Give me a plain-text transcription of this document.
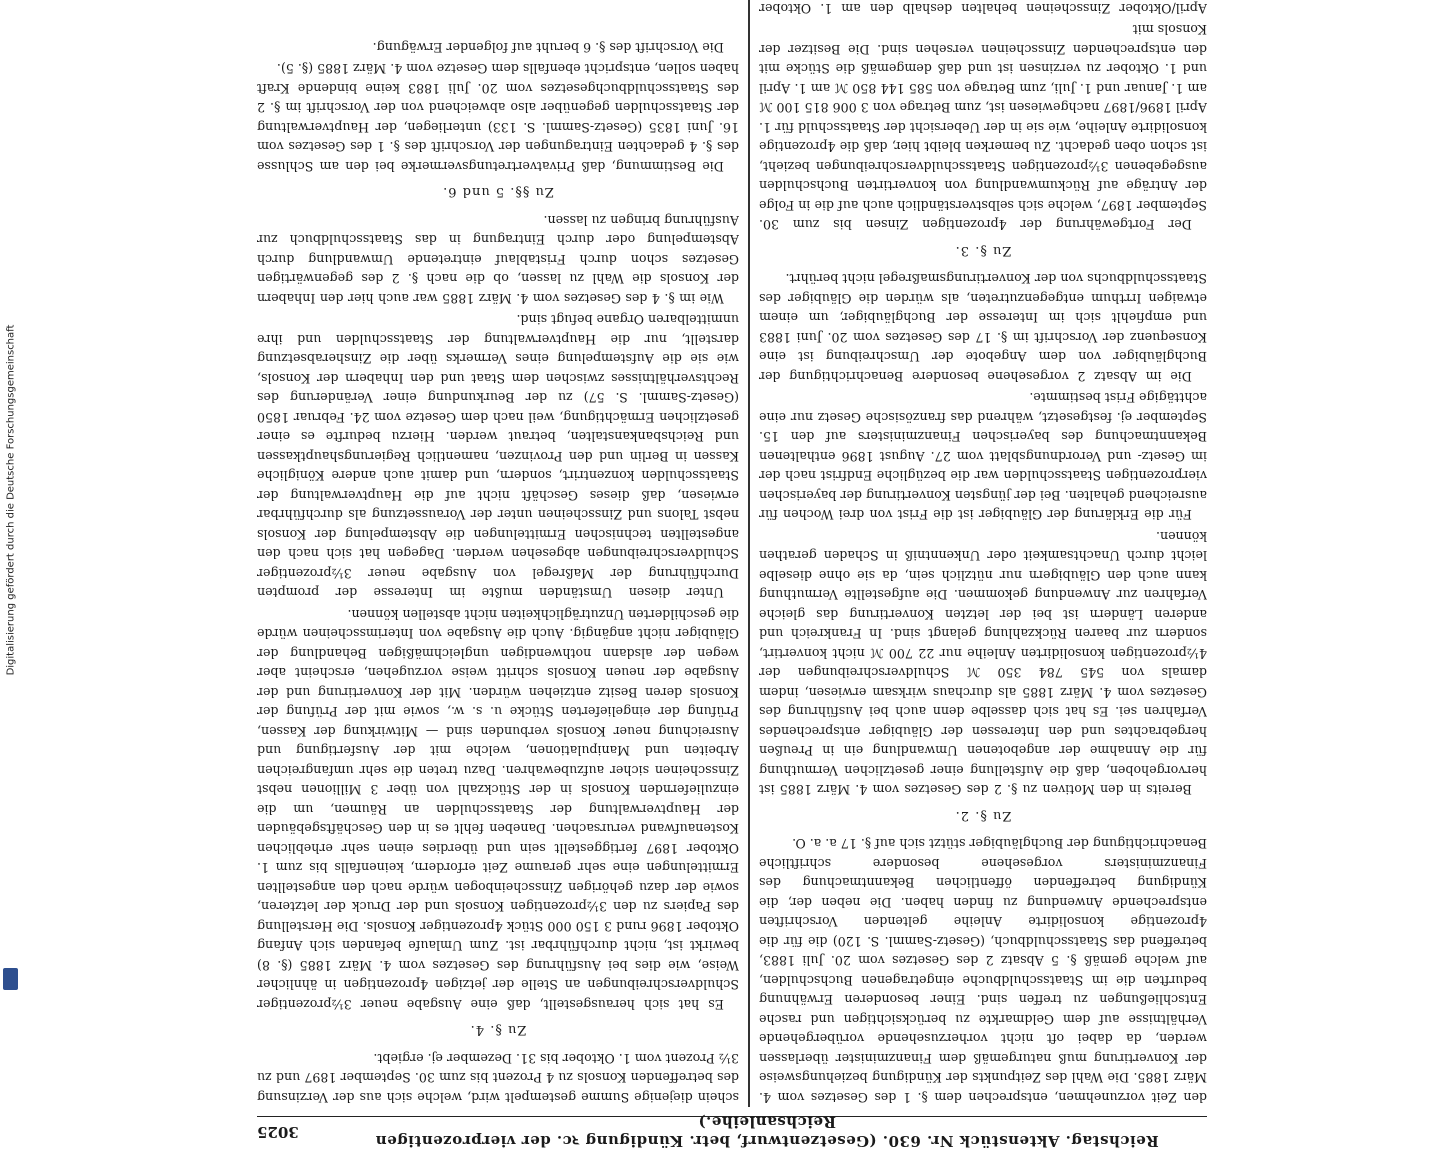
Digitalisierung gefördert durch die Deutsche Forschungsgemeinschaft
Reichstag. Aktenstück Nr. 630. (Gesetzentwurf, betr. Kündigung ꝛc. der vierprozentigen Reichsanleihe.)
3025

den Zeit vorzunehmen, entsprechen dem §. 1 des Gesetzes vom 4. März 1885. Die Wahl des Zeitpunkts der Kündigung beziehungsweise der Konvertirung muß naturgemäß dem Finanzminister überlassen werden, da dabei oft nicht vorherzusehende vorübergehende Verhältnisse auf dem Geldmarkte zu berücksichtigen und rasche Entschließungen zu treffen sind. Einer besonderen Erwähnung bedurften die im Staatsschuldbuche eingetragenen Buchschulden, auf welche gemäß §. 5 Absatz 2 des Gesetzes vom 20. Juli 1883, betreffend das Staatsschuldbuch, (Gesetz-Samml. S. 120) die für die 4prozentige konsolidirte Anleihe geltenden Vorschriften entsprechende Anwendung zu finden haben. Die neben der, die Kündigung betreffenden öffentlichen Bekanntmachung des Finanzministers vorgesehene besondere schriftliche Benachrichtigung der Buchgläubiger stützt sich auf §. 17 a. a. O.

Zu §. 2.

Bereits in den Motiven zu §. 2 des Gesetzes vom 4. März 1885 ist hervorgehoben, daß die Aufstellung einer gesetzlichen Vermuthung für die Annahme der angebotenen Umwandlung ein in Preußen hergebrachtes und den Interessen der Gläubiger entsprechendes Verfahren sei. Es hat sich dasselbe denn auch bei Ausführung des Gesetzes vom 4. März 1885 als durchaus wirksam erwiesen, indem damals von 545 784 350 ℳ Schuldverschreibungen der 4½prozentigen konsolidirten Anleihe nur 22 700 ℳ nicht konvertirt, sondern zur baaren Rückzahlung gelangt sind. In Frankreich und anderen Ländern ist bei der letzten Konvertirung das gleiche Verfahren zur Anwendung gekommen. Die aufgestellte Vermuthung kann auch den Gläubigern nur nützlich sein, da sie ohne dieselbe leicht durch Unachtsamkeit oder Unkenntniß in Schaden gerathen können.

Für die Erklärung der Gläubiger ist die Frist von drei Wochen für ausreichend gehalten. Bei der jüngsten Konvertirung der bayerischen vierprozentigen Staatsschulden war die bezügliche Endfrist nach der im Gesetz- und Verordnungsblatt vom 27. August 1896 enthaltenen Bekanntmachung des bayerischen Finanzministers auf den 15. September ej. festgesetzt, während das französische Gesetz nur eine achttägige Frist bestimmte.

Die im Absatz 2 vorgesehene besondere Benachrichtigung der Buchgläubiger von dem Angebote der Umschreibung ist eine Konsequenz der Vorschrift im §. 17 des Gesetzes vom 20. Juni 1883 und empfiehlt sich im Interesse der Buchgläubiger, um einem etwaigen Irrthum entgegenzutreten, als würden die Gläubiger des Staatsschuldbuchs von der Konvertirungsmaßregel nicht berührt.

Zu §. 3.

Der Fortgewährung der 4prozentigen Zinsen bis zum 30. September 1897, welche sich selbstverständlich auch auf die in Folge der Anträge auf Rückumwandlung von konvertirten Buchschulden ausgegebenen 3½prozentigen Staatsschuldverschreibungen bezieht, ist schon oben gedacht. Zu bemerken bleibt hier, daß die 4prozentige konsolidirte Anleihe, wie sie in der Uebersicht der Staatsschuld für 1. April 1896/1897 nachgewiesen ist, zum Betrage von 3 006 815 100 ℳ am 1. Januar und 1. Juli, zum Betrage von 585 144 850 ℳ am 1. April und 1. Oktober zu verzinsen ist und daß demgemäß die Stücke mit den entsprechenden Zinsscheinen versehen sind. Die Besitzer der Konsols mit

April/Oktober Zinsscheinen behalten deshalb den am 1. Oktober

schein diejenige Summe gestempelt wird, welche sich aus der Verzinsung des betreffenden Konsols zu 4 Prozent bis zum 30. September 1897 und zu 3½ Prozent vom 1. Oktober bis 31. Dezember ej. ergiebt.

Zu §. 4.

Es hat sich herausgestellt, daß eine Ausgabe neuer 3½prozentiger Schuldverschreibungen an Stelle der jetzigen 4prozentigen in ähnlicher Weise, wie dies bei Ausführung des Gesetzes vom 4. März 1885 (§. 8) bewirkt ist, nicht durchführbar ist. Zum Umlaufe befanden sich Anfang Oktober 1896 rund 3 150 000 Stück 4prozentiger Konsols. Die Herstellung des Papiers zu den 3½prozentigen Konsols und der Druck der letzteren, sowie der dazu gehörigen Zinsscheinbogen würde nach den angestellten Ermittelungen eine sehr geraume Zeit erfordern, keinenfalls bis zum 1. Oktober 1897 fertiggestellt sein und überdies einen sehr erheblichen Kostenaufwand verursachen. Daneben fehlt es in den Geschäftsgebäuden der Hauptverwaltung der Staatsschulden an Räumen, um die einzuliefernden Konsols in der Stückzahl von über 3 Millionen nebst Zinsscheinen sicher aufzubewahren. Dazu treten die sehr umfangreichen Arbeiten und Manipulationen, welche mit der Ausfertigung und Ausreichung neuer Konsols verbunden sind — Mitwirkung der Kassen, Prüfung der eingelieferten Stücke u. s. w., sowie mit der Prüfung der Konsols deren Besitz entziehen würden. Mit der Konvertirung und der Ausgabe der neuen Konsols schritt weise vorzugehen, erscheint aber wegen der alsdann nothwendigen ungleichmäßigen Behandlung der Gläubiger nicht angängig. Auch die Ausgabe von Interimsscheinen würde die geschilderten Unzuträglichkeiten nicht abstellen können.

Unter diesen Umständen mußte im Interesse der prompten Durchführung der Maßregel von Ausgabe neuer 3½prozentiger Schuldverschreibungen abgesehen werden. Dagegen hat sich nach den angestellten technischen Ermittelungen die Abstempelung der Konsols nebst Talons und Zinsscheinen unter der Voraussetzung als durchführbar erwiesen, daß dieses Geschäft nicht auf die Hauptverwaltung der Staatsschulden konzentrirt, sondern, und damit auch andere Königliche Kassen in Berlin und den Provinzen, namentlich Regierungshauptkassen und Reichsbankanstalten, betraut werden. Hierzu bedurfte es einer gesetzlichen Ermächtigung, weil nach dem Gesetze vom 24. Februar 1850 (Gesetz-Samml. S. 57) zu der Beurkundung einer Veränderung des Rechtsverhältnisses zwischen dem Staat und den Inhabern der Konsols, wie sie die Aufstempelung eines Vermerks über die Zinsherabsetzung darstellt, nur die Hauptverwaltung der Staatsschulden und ihre unmittelbaren Organe befugt sind.

Wie im §. 4 des Gesetzes vom 4. März 1885 war auch hier den Inhabern der Konsols die Wahl zu lassen, ob die nach §. 2 des gegenwärtigen Gesetzes schon durch Fristablauf eintretende Umwandlung durch Abstempelung oder durch Eintragung in das Staatsschuldbuch zur Ausführung bringen zu lassen.

Zu §§. 5 und 6.

Die Bestimmung, daß Privatvertretungsvermerke bei den am Schlusse des §. 4 gedachten Eintragungen der Vorschrift des §. 1 des Gesetzes vom 16. Juni 1835 (Gesetz-Samml. S. 133) unterliegen, der Hauptverwaltung der Staatsschulden gegenüber also abweichend von der Vorschrift im §. 2 des Staatsschuldbuchgesetzes vom 20. Juli 1883 keine bindende Kraft haben sollen, entspricht ebenfalls dem Gesetze vom 4. März 1885 (§. 5).

Die Vorschrift des §. 6 beruht auf folgender Erwägung.
